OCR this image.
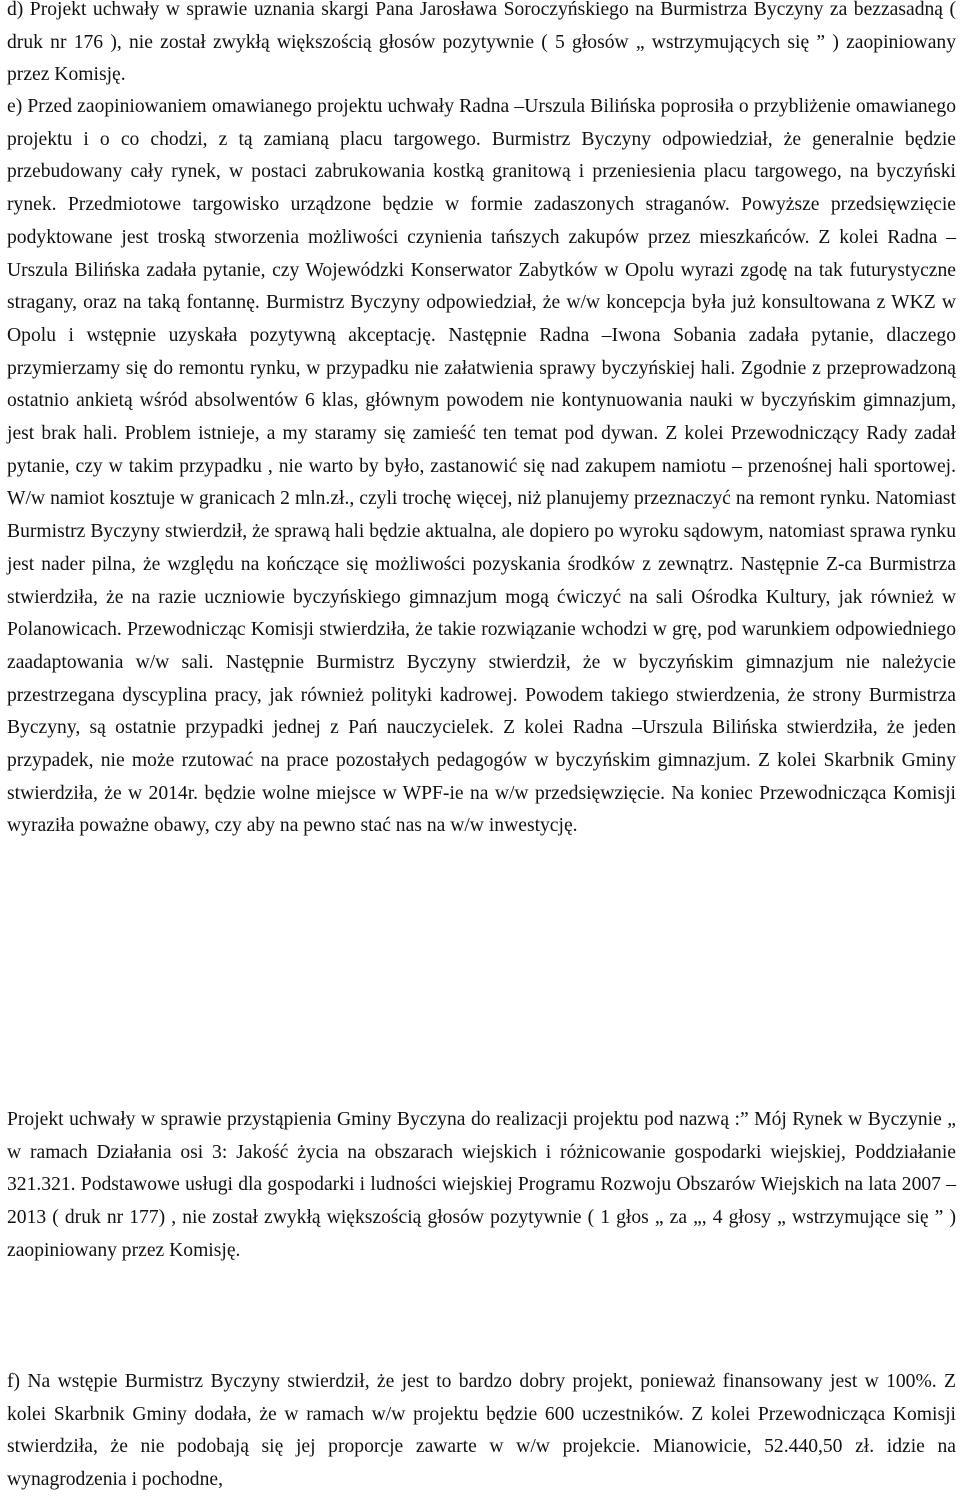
d) Projekt uchwały w sprawie uznania skargi Pana Jarosława Soroczyńskiego na Burmistrza Byczyny za bezzasadną ( druk nr 176 ), nie został zwykłą większością głosów pozytywnie ( 5 głosów „ wstrzymujących się ” ) zaopiniowany przez Komisję.

e) Przed zaopiniowaniem omawianego projektu uchwały Radna –Urszula Bilińska poprosiła o przybliżenie omawianego projektu i o co chodzi, z tą zamianą placu targowego. Burmistrz Byczyny odpowiedział, że generalnie będzie przebudowany cały rynek, w postaci zabrukowania kostką granitową i przeniesienia placu targowego, na byczyński rynek. Przedmiotowe targowisko urządzone będzie w formie zadaszonych straganów. Powyższe przedsięwzięcie podyktowane jest troską stworzenia możliwości czynienia tańszych zakupów przez mieszkańców. Z kolei Radna –Urszula Bilińska zadała pytanie, czy Wojewódzki Konserwator Zabytków w Opolu wyrazi zgodę na tak futurystyczne stragany, oraz na taką fontannę. Burmistrz Byczyny odpowiedział, że w/w koncepcja była już konsultowana z WKZ w Opolu i wstępnie uzyskała pozytywną akceptację. Następnie Radna –Iwona Sobania zadała pytanie, dlaczego przymierzamy się do remontu rynku, w przypadku nie załatwienia sprawy byczyńskiej hali. Zgodnie z przeprowadzoną ostatnio ankietą wśród absolwentów 6 klas, głównym powodem nie kontynuowania nauki w byczyńskim gimnazjum, jest brak hali. Problem istnieje, a my staramy się zamieść ten temat pod dywan. Z kolei Przewodniczący Rady zadał pytanie, czy w takim przypadku , nie warto by było, zastanowić się nad zakupem namiotu – przenośnej hali sportowej. W/w namiot kosztuje w granicach 2 mln.zł., czyli trochę więcej, niż planujemy przeznaczyć na remont rynku. Natomiast Burmistrz Byczyny stwierdził, że sprawą hali będzie aktualna, ale dopiero po wyroku sądowym, natomiast sprawa rynku jest nader pilna, że względu na kończące się możliwości pozyskania środków z zewnątrz. Następnie Z-ca Burmistrza stwierdziła, że na razie uczniowie byczyńskiego gimnazjum mogą ćwiczyć na sali Ośrodka Kultury, jak również w Polanowicach. Przewodnicząc Komisji stwierdziła, że takie rozwiązanie wchodzi w grę, pod warunkiem odpowiedniego zaadaptowania w/w sali. Następnie Burmistrz Byczyny stwierdził, że w byczyńskim gimnazjum nie należycie przestrzegana dyscyplina pracy, jak również polityki kadrowej. Powodem takiego stwierdzenia, że strony Burmistrza Byczyny, są ostatnie przypadki jednej z Pań nauczycielek. Z kolei Radna –Urszula Bilińska stwierdziła, że jeden przypadek, nie może rzutować na prace pozostałych pedagogów w byczyńskim gimnazjum. Z kolei Skarbnik Gminy stwierdziła, że w 2014r. będzie wolne miejsce w WPF-ie na w/w przedsięwzięcie. Na koniec Przewodnicząca Komisji wyraziła poważne obawy, czy aby na pewno stać nas na w/w inwestycję.

Projekt uchwały w sprawie przystąpienia Gminy Byczyna do realizacji projektu pod nazwą :” Mój Rynek w Byczynie „ w ramach Działania osi 3: Jakość życia na obszarach wiejskich i różnicowanie gospodarki wiejskiej, Poddziałanie 321.321. Podstawowe usługi dla gospodarki i ludności wiejskiej Programu Rozwoju Obszarów Wiejskich na lata 2007 – 2013 ( druk nr 177) , nie został zwykłą większością głosów pozytywnie ( 1 głos „ za „, 4 głosy „ wstrzymujące się ” ) zaopiniowany przez Komisję.

f) Na wstępie Burmistrz Byczyny stwierdził, że jest to bardzo dobry projekt, ponieważ finansowany jest w 100%. Z kolei Skarbnik Gminy dodała, że w ramach w/w projektu będzie 600 uczestników. Z kolei Przewodnicząca Komisji stwierdziła, że nie podobają się jej proporcje zawarte w w/w projekcie. Mianowicie, 52.440,50 zł. idzie na wynagrodzenia i pochodne,
